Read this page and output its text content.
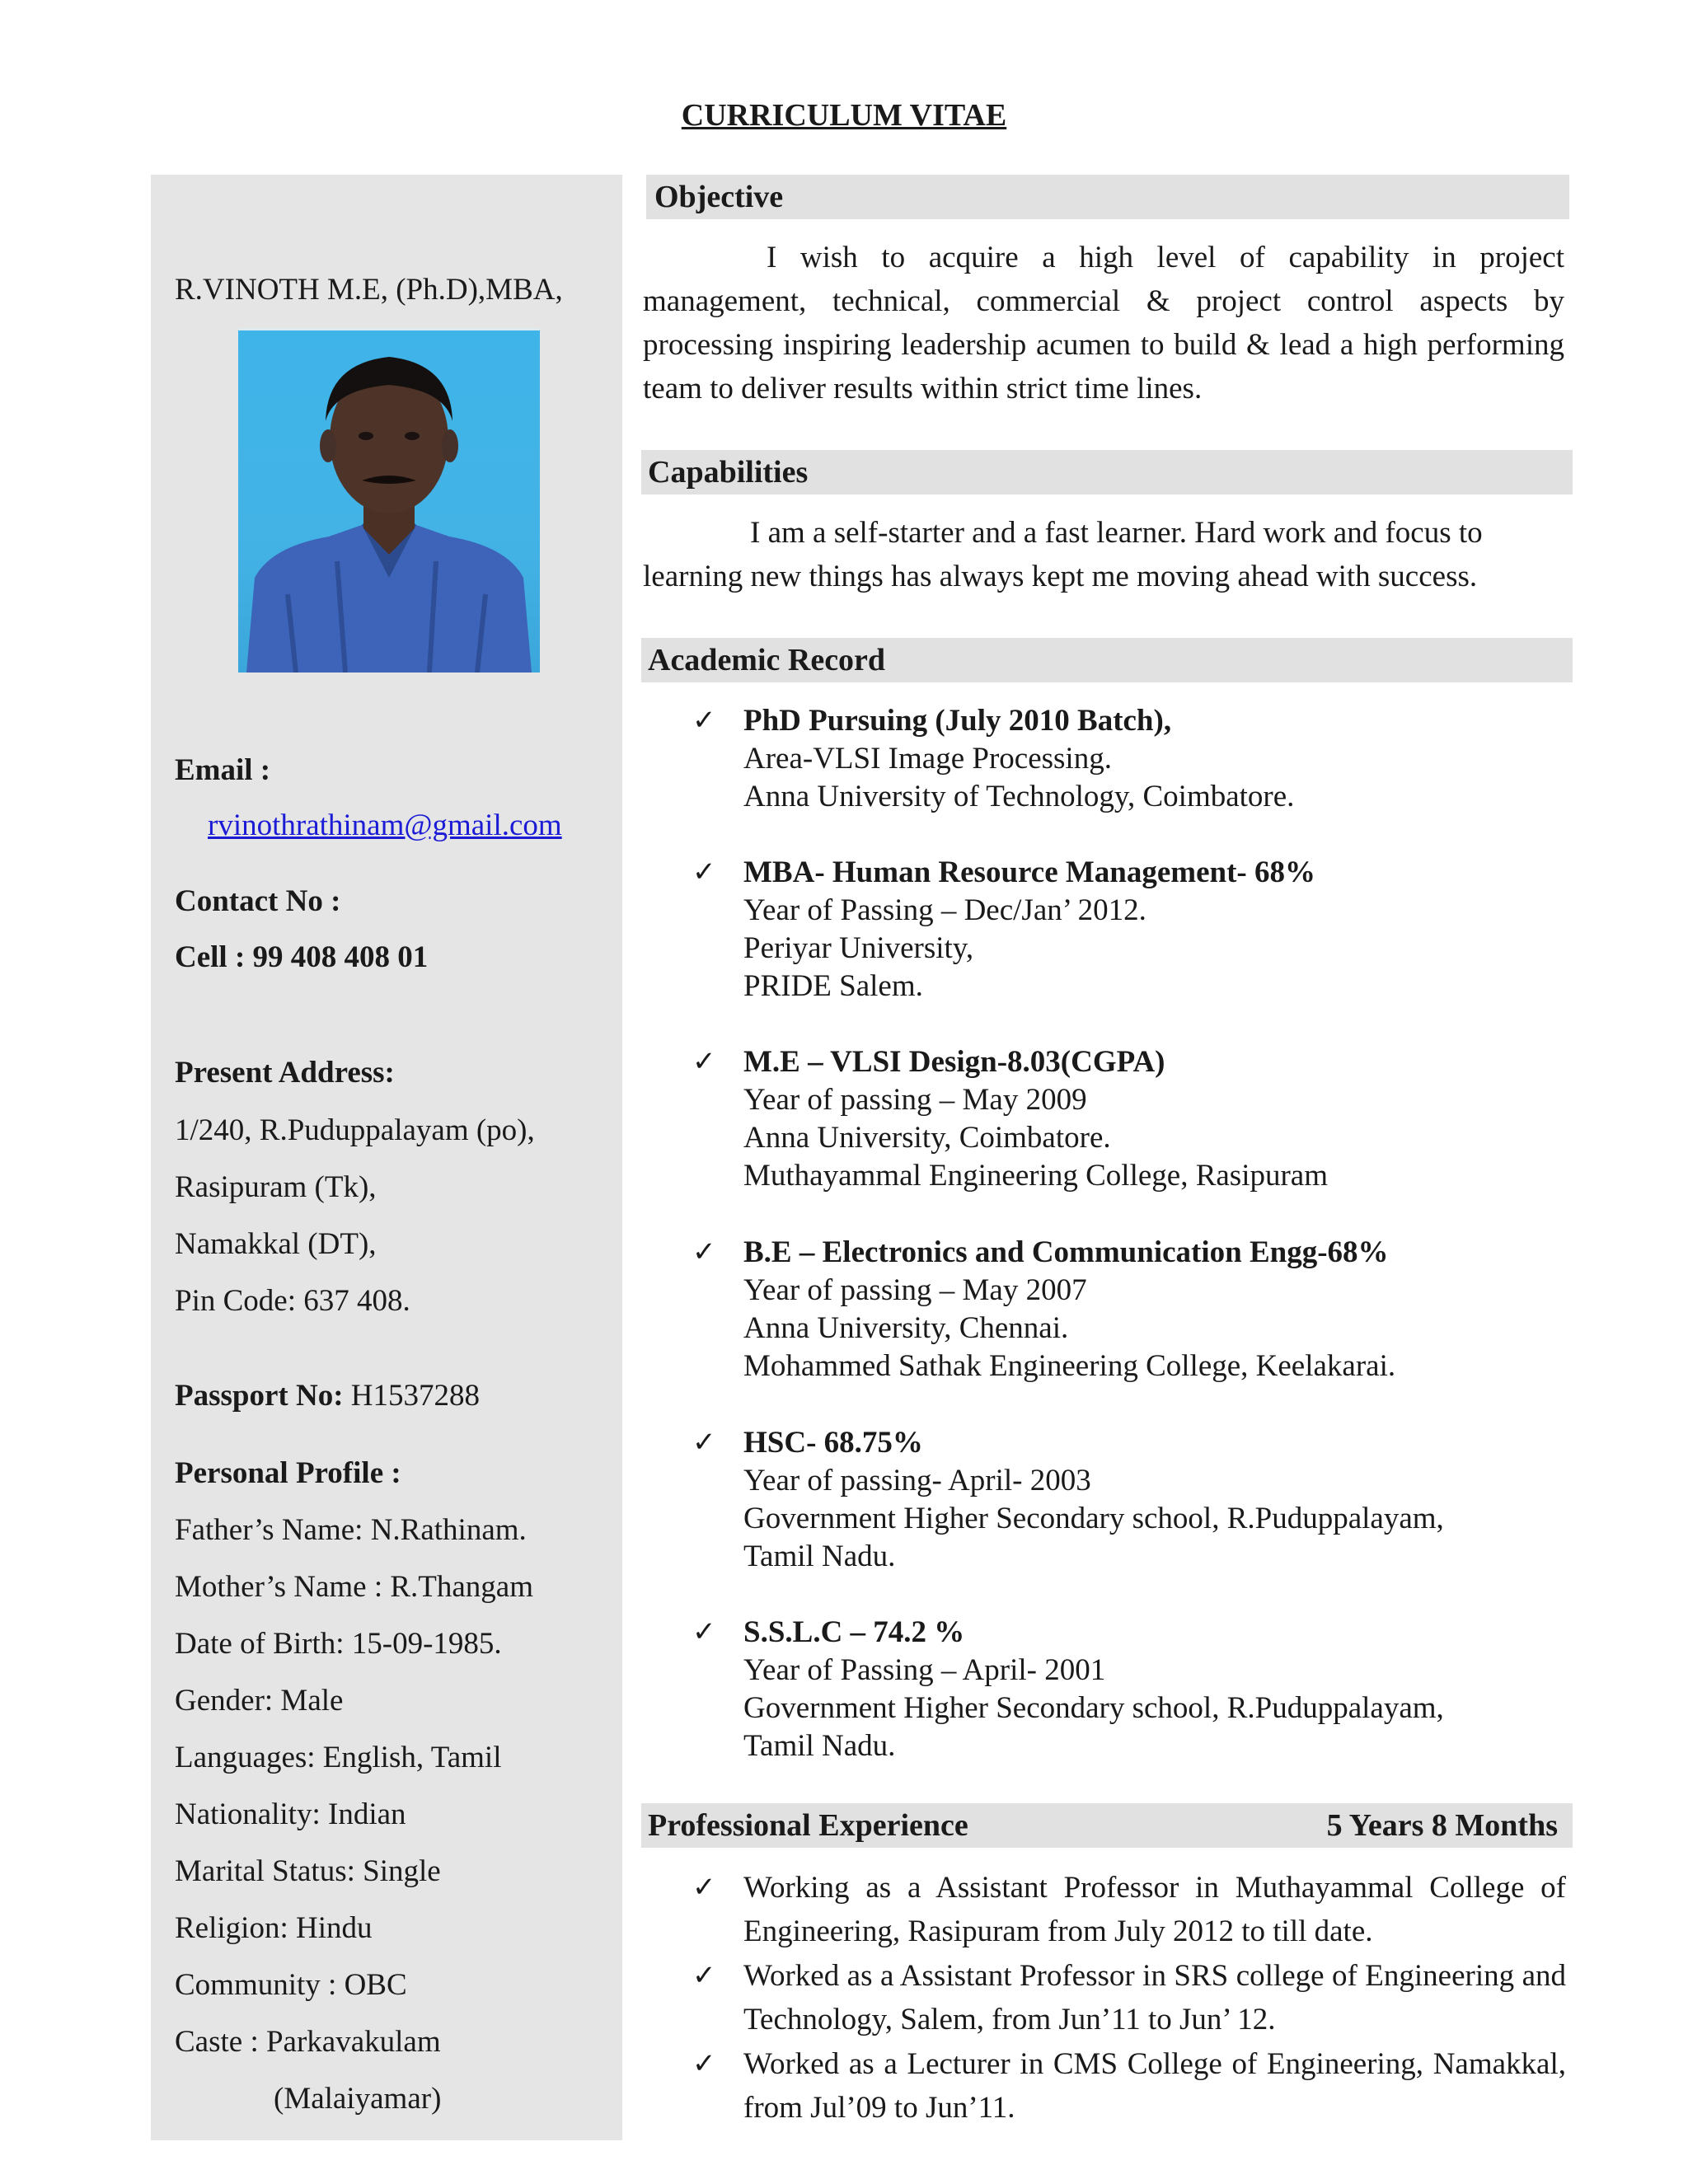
CURRICULUM VITAE
R.VINOTH M.E, (Ph.D),MBA,
Email :
rvinothrathinam@gmail.com
Contact No :
Cell : 99 408 408 01
Present Address:
1/240, R.Puduppalayam (po),
Rasipuram (Tk),
Namakkal (DT),
Pin Code: 637 408.
Passport No: H1537288
Personal Profile :
Father’s Name: N.Rathinam.
Mother’s Name : R.Thangam
Date of Birth: 15-09-1985.
Gender: Male
Languages: English, Tamil
Nationality: Indian
Marital Status: Single
Religion: Hindu
Community : OBC
Caste : Parkavakulam
(Malaiyamar)
Objective
I wish to acquire a high level of capability in project management, technical, commercial & project control aspects by processing inspiring leadership acumen to build & lead a high performing team to deliver results within strict time lines.
Capabilities
I am a self-starter and a fast learner. Hard work and focus to learning new things has always kept me moving ahead with success.
Academic Record
✓ PhD Pursuing (July 2010 Batch),
Area-VLSI Image Processing.
Anna University of Technology, Coimbatore.
✓ MBA- Human Resource Management- 68%
Year of Passing – Dec/Jan’ 2012.
Periyar University,
PRIDE Salem.
✓ M.E – VLSI Design-8.03(CGPA)
Year of passing – May 2009
Anna University, Coimbatore.
Muthayammal Engineering College, Rasipuram
✓ B.E – Electronics and Communication Engg-68%
Year of passing – May 2007
Anna University, Chennai.
Mohammed Sathak Engineering College, Keelakarai.
✓ HSC- 68.75%
Year of passing- April- 2003
Government Higher Secondary school, R.Puduppalayam,
Tamil Nadu.
✓ S.S.L.C – 74.2 %
Year of Passing – April- 2001
Government Higher Secondary school, R.Puduppalayam,
Tamil Nadu.
Professional Experience	5 Years 8 Months
✓ Working as a Assistant Professor in Muthayammal College of Engineering, Rasipuram from July 2012 to till date.
✓ Worked as a Assistant Professor in SRS college of Engineering and Technology, Salem, from Jun’11 to Jun’ 12.
✓ Worked as a Lecturer in CMS College of Engineering, Namakkal, from Jul’09 to Jun’11.
